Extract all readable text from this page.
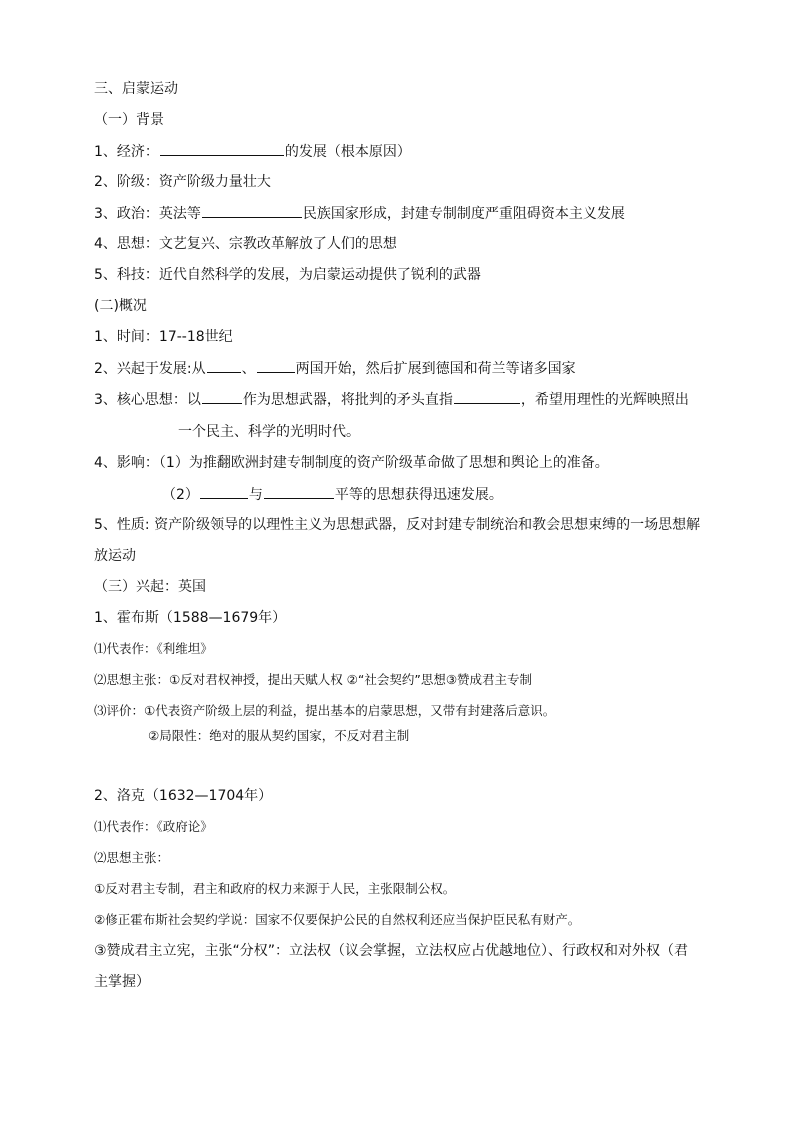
三、启蒙运动
（一）背景
1、经济：	的发展（根本原因）
2、阶级：资产阶级力量壮大
3、政治：英法等	民族国家形成，封建专制制度严重阻碍资本主义发展
4、思想：文艺复兴、宗教改革解放了人们的思想
5、科技：近代自然科学的发展，为启蒙运动提供了锐利的武器
(二)概况
1、时间：17--18世纪
2、兴起于发展:从	、	两国开始，然后扩展到德国和荷兰等诸多国家
3、核心思想：以	作为思想武器，将批判的矛头直指	，希望用理性的光辉映照出
一个民主、科学的光明时代。
4、影响：（1）为推翻欧洲封建专制制度的资产阶级革命做了思想和舆论上的准备。
（2）	与	平等的思想获得迅速发展。
5、性质: 资产阶级领导的以理性主义为思想武器，反对封建专制统治和教会思想束缚的一场思想解
放运动
（三）兴起：英国
1、霍布斯（1588—1679年）
⑴代表作：《利维坦》
⑵思想主张：①反对君权神授，提出天赋人权 ②“社会契约”思想③赞成君主专制
⑶评价：①代表资产阶级上层的利益，提出基本的启蒙思想，又带有封建落后意识。
②局限性：绝对的服从契约国家，不反对君主制
2、洛克（1632—1704年）
⑴代表作：《政府论》
⑵思想主张：
①反对君主专制，君主和政府的权力来源于人民，主张限制公权。
②修正霍布斯社会契约学说：国家不仅要保护公民的自然权利还应当保护臣民私有财产。
③赞成君主立宪，主张“分权”：立法权（议会掌握，立法权应占优越地位）、行政权和对外权（君
主掌握）
